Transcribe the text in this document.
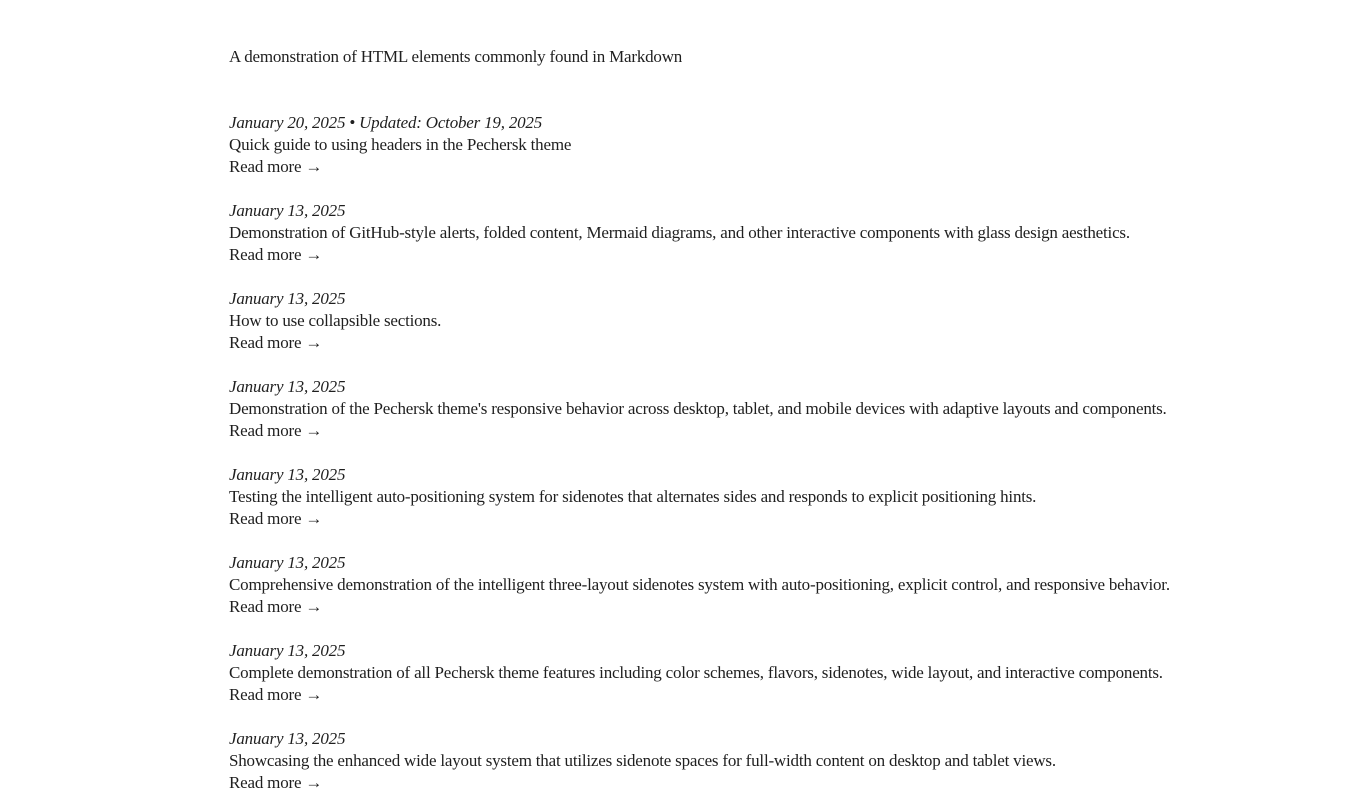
A demonstration of HTML elements commonly found in Markdown

January 20, 2025 • Updated: October 19, 2025
Quick guide to using headers in the Pechersk theme
Read more →
January 13, 2025
Demonstration of GitHub-style alerts, folded content, Mermaid diagrams, and other interactive components with glass design aesthetics.
Read more →
January 13, 2025
How to use collapsible sections.
Read more →
January 13, 2025
Demonstration of the Pechersk theme's responsive behavior across desktop, tablet, and mobile devices with adaptive layouts and components.
Read more →
January 13, 2025
Testing the intelligent auto-positioning system for sidenotes that alternates sides and responds to explicit positioning hints.
Read more →
January 13, 2025
Comprehensive demonstration of the intelligent three-layout sidenotes system with auto-positioning, explicit control, and responsive behavior.
Read more →
January 13, 2025
Complete demonstration of all Pechersk theme features including color schemes, flavors, sidenotes, wide layout, and interactive components.
Read more →
January 13, 2025
Showcasing the enhanced wide layout system that utilizes sidenote spaces for full-width content on desktop and tablet views.
Read more →
